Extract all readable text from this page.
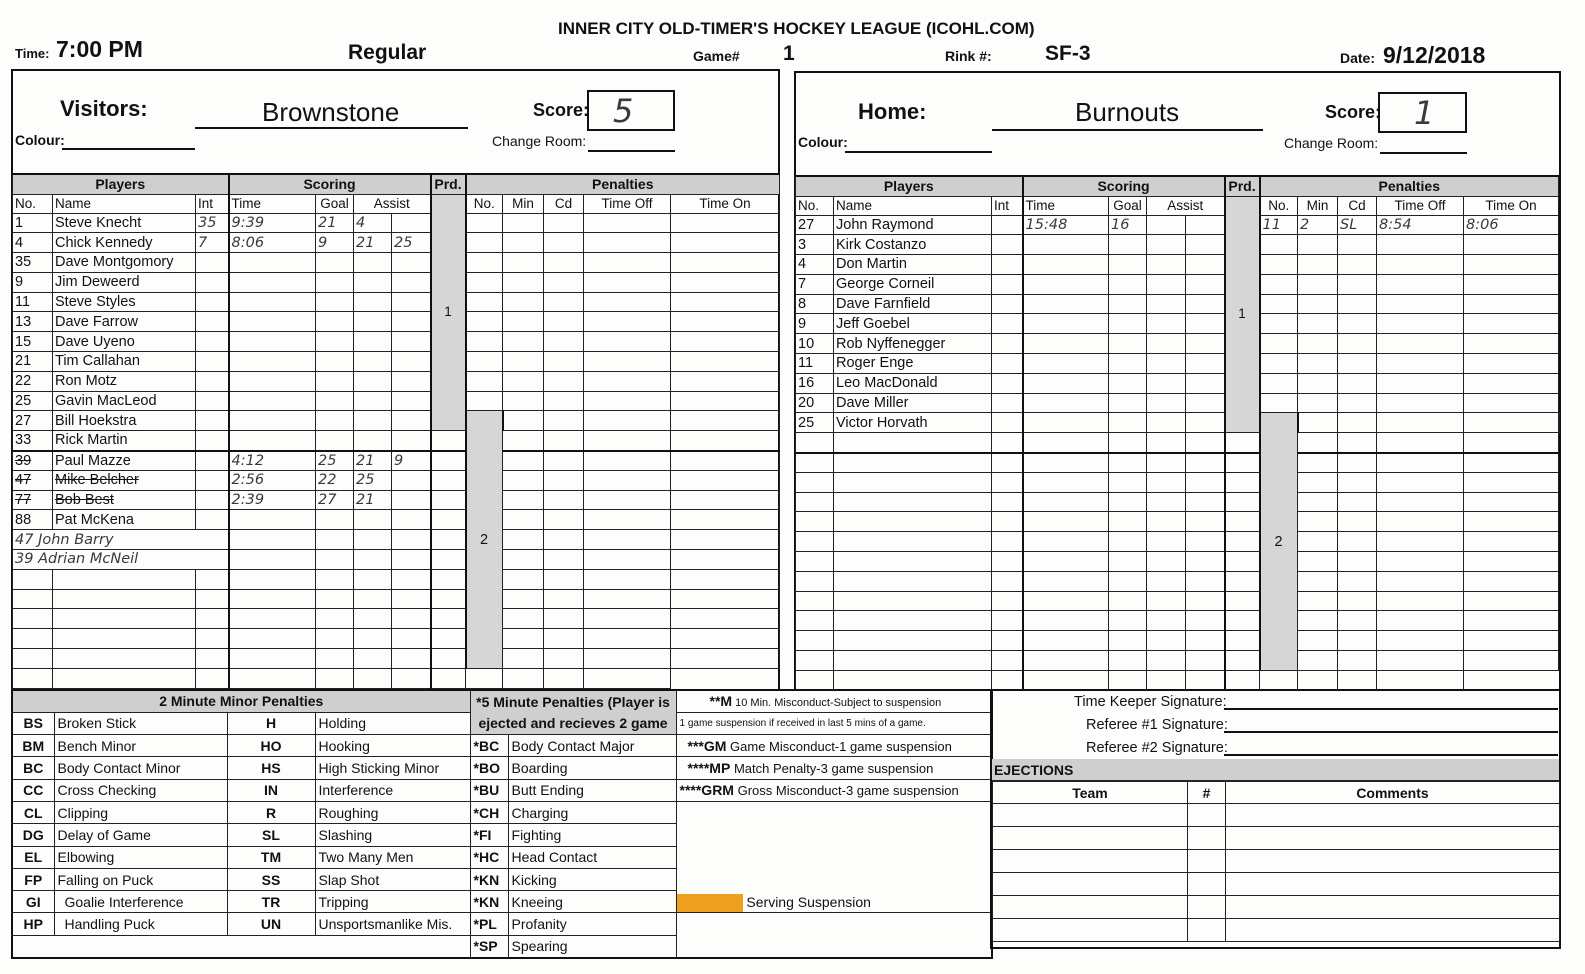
INNER CITY OLD-TIMER'S HOCKEY LEAGUE (ICOHL.COM)
Time: 7:00 PM	Regular	Game# 1	Rink #:	SF-3	Date: 9/12/2018
Visitors:	Brownstone	Score: 5
Colour:	Change Room:
Home:	Burnouts	Score: 1
Colour:	Change Room:
Players			Scoring				Prd.	Penalties					
No.	Name	Int	Time	Goal	Assist		1	No.	Min	Cd	Time Off	Time On	
1	Steve Knecht	35	9:39	21	4								
4	Chick Kennedy	7	8:06	9	21	25							
35	Dave Montgomory												
9	Jim Deweerd												
11	Steve Styles												
13	Dave Farrow												
15	Dave Uyeno												
21	Tim Callahan												
22	Ron Motz												
25	Gavin MacLeod												
27	Bill Hoekstra							2					
33	Rick Martin												
39	Paul Mazze		4:12	25	21	9							
47	Mike Belcher		2:56	22	25								
77	Bob Best		2:39	27	21								
88	Pat McKena												
47 John Barry													
39 Adrian McNeil													

Players			Scoring				Prd.	Penalties					
No.	Name	Int	Time	Goal	Assist		1	No.	Min	Cd	Time Off	Time On	
27	John Raymond		15:48	16				11	2	SL	8:54	8:06	
3	Kirk Costanzo												
4	Don Martin												
7	George Corneil												
8	Dave Farnfield												
9	Jeff Goebel												
10	Rob Nyffenegger												
11	Roger Enge												
16	Leo MacDonald												
20	Dave Miller												
25	Victor Horvath							2					

2 Minute Minor Penalties				*5 Minute Penalties (Player is ejected and recieves 2 game		**M 10 Min. Misconduct-Subject to suspension
BS	Broken Stick	H	Holding			1 game suspension if received in last 5 mins of a game.
BM	Bench Minor	HO	Hooking	*BC	Body Contact Major	***GM Game Misconduct-1 game suspension
BC	Body Contact Minor	HS	High Sticking Minor	*BO	Boarding	****MP Match Penalty-3 game suspension
CC	Cross Checking	IN	Interference	*BU	Butt Ending	****GRM Gross Misconduct-3 game suspension
CL	Clipping	R	Roughing	*CH	Charging	Serving Suspension
DG	Delay of Game	SL	Slashing	*FI	Fighting	
EL	Elbowing	TM	Two Many Men	*HC	Head Contact	
FP	Falling on Puck	SS	Slap Shot	*KN	Kicking	
GI	Goalie Interference	TR	Tripping	*KN	Kneeing	
HP	Handling Puck	UN	Unsportsmanlike Mis.	*PL	Profanity	
				*SP	Spearing	
Time Keeper Signature:
Referee #1 Signature:
Referee #2 Signature:
EJECTIONS
Team	#	Comments
